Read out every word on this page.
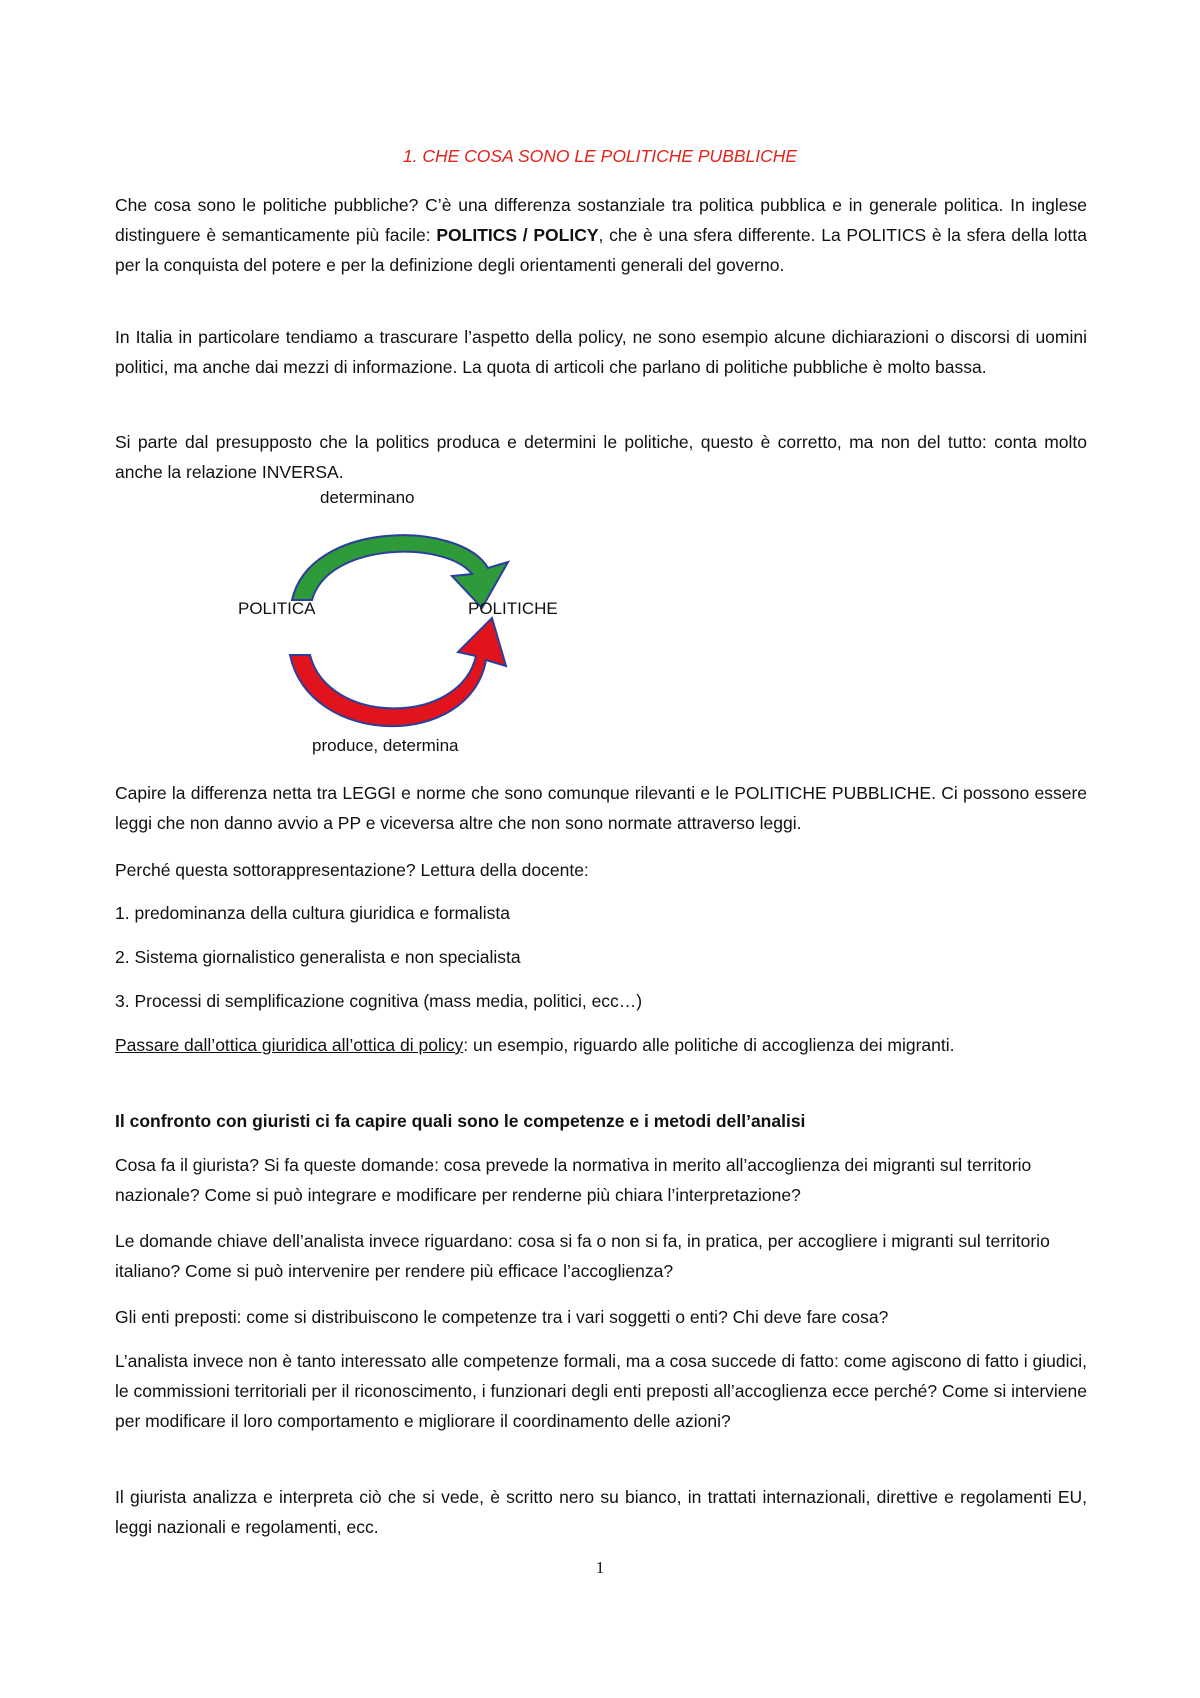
1. CHE COSA SONO LE POLITICHE PUBBLICHE

Che cosa sono le politiche pubbliche? C’è una differenza sostanziale tra politica pubblica e in generale politica. In inglese distinguere è semanticamente più facile: POLITICS / POLICY, che è una sfera differente. La POLITICS è la sfera della lotta per la conquista del potere e per la definizione degli orientamenti generali del governo.

In Italia in particolare tendiamo a trascurare l’aspetto della policy, ne sono esempio alcune dichiarazioni o discorsi di uomini politici, ma anche dai mezzi di informazione. La quota di articoli che parlano di politiche pubbliche è molto bassa.

Si parte dal presupposto che la politics produca e determini le politiche, questo è corretto, ma non del tutto: conta molto anche la relazione INVERSA.

determinano
POLITICA	POLITICHE
produce, determina

Capire la differenza netta tra LEGGI e norme che sono comunque rilevanti e le POLITICHE PUBBLICHE. Ci possono essere leggi che non danno avvio a PP e viceversa altre che non sono normate attraverso leggi.

Perché questa sottorappresentazione? Lettura della docente:

1. predominanza della cultura giuridica e formalista

2. Sistema giornalistico generalista e non specialista

3. Processi di semplificazione cognitiva (mass media, politici, ecc…)

Passare dall’ottica giuridica all’ottica di policy: un esempio, riguardo alle politiche di accoglienza dei migranti.

Il confronto con giuristi ci fa capire quali sono le competenze e i metodi dell’analisi

Cosa fa il giurista? Si fa queste domande: cosa prevede la normativa in merito all’accoglienza dei migranti sul territorio nazionale? Come si può integrare e modificare per renderne più chiara l’interpretazione?

Le domande chiave dell’analista invece riguardano: cosa si fa o non si fa, in pratica, per accogliere i migranti sul territorio italiano? Come si può intervenire per rendere più efficace l’accoglienza?

Gli enti preposti: come si distribuiscono le competenze tra i vari soggetti o enti? Chi deve fare cosa?

L’analista invece non è tanto interessato alle competenze formali, ma a cosa succede di fatto: come agiscono di fatto i giudici, le commissioni territoriali per il riconoscimento, i funzionari degli enti preposti all’accoglienza ecce perché? Come si interviene per modificare il loro comportamento e migliorare il coordinamento delle azioni?

Il giurista analizza e interpreta ciò che si vede, è scritto nero su bianco, in trattati internazionali, direttive e regolamenti EU, leggi nazionali e regolamenti, ecc.

1
